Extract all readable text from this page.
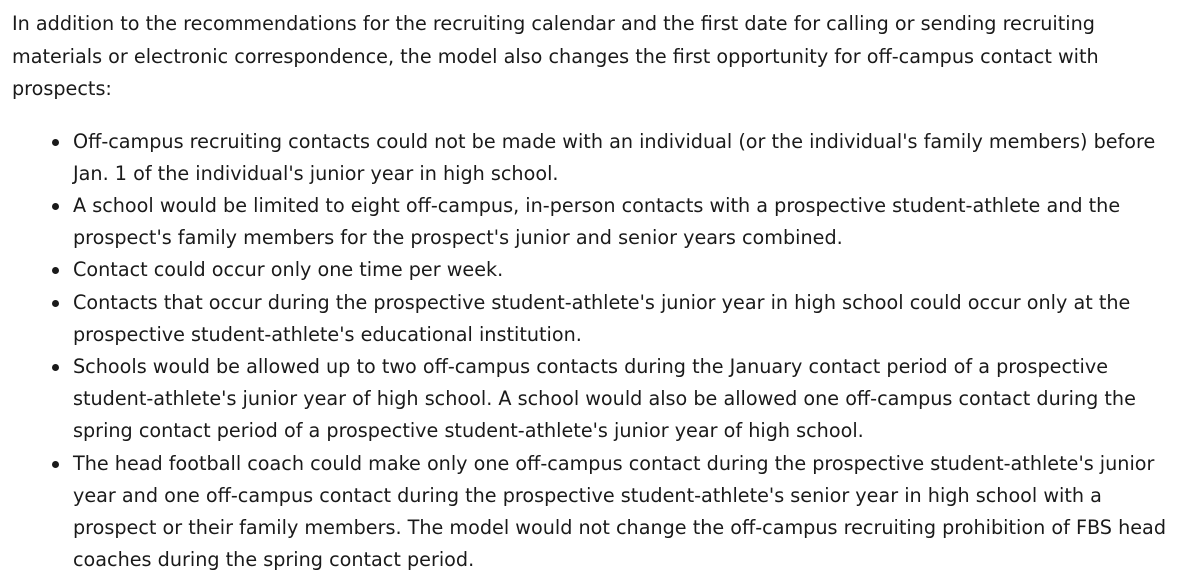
In addition to the recommendations for the recruiting calendar and the first date for calling or sending recruiting materials or electronic correspondence, the model also changes the first opportunity for off-campus contact with prospects:

Off-campus recruiting contacts could not be made with an individual (or the individual's family members) before Jan. 1 of the individual's junior year in high school.
A school would be limited to eight off-campus, in-person contacts with a prospective student-athlete and the prospect's family members for the prospect's junior and senior years combined.
Contact could occur only one time per week.
Contacts that occur during the prospective student-athlete's junior year in high school could occur only at the prospective student-athlete's educational institution.
Schools would be allowed up to two off-campus contacts during the January contact period of a prospective student-athlete's junior year of high school. A school would also be allowed one off-campus contact during the spring contact period of a prospective student-athlete's junior year of high school.
The head football coach could make only one off-campus contact during the prospective student-athlete's junior year and one off-campus contact during the prospective student-athlete's senior year in high school with a prospect or their family members. The model would not change the off-campus recruiting prohibition of FBS head coaches during the spring contact period.
